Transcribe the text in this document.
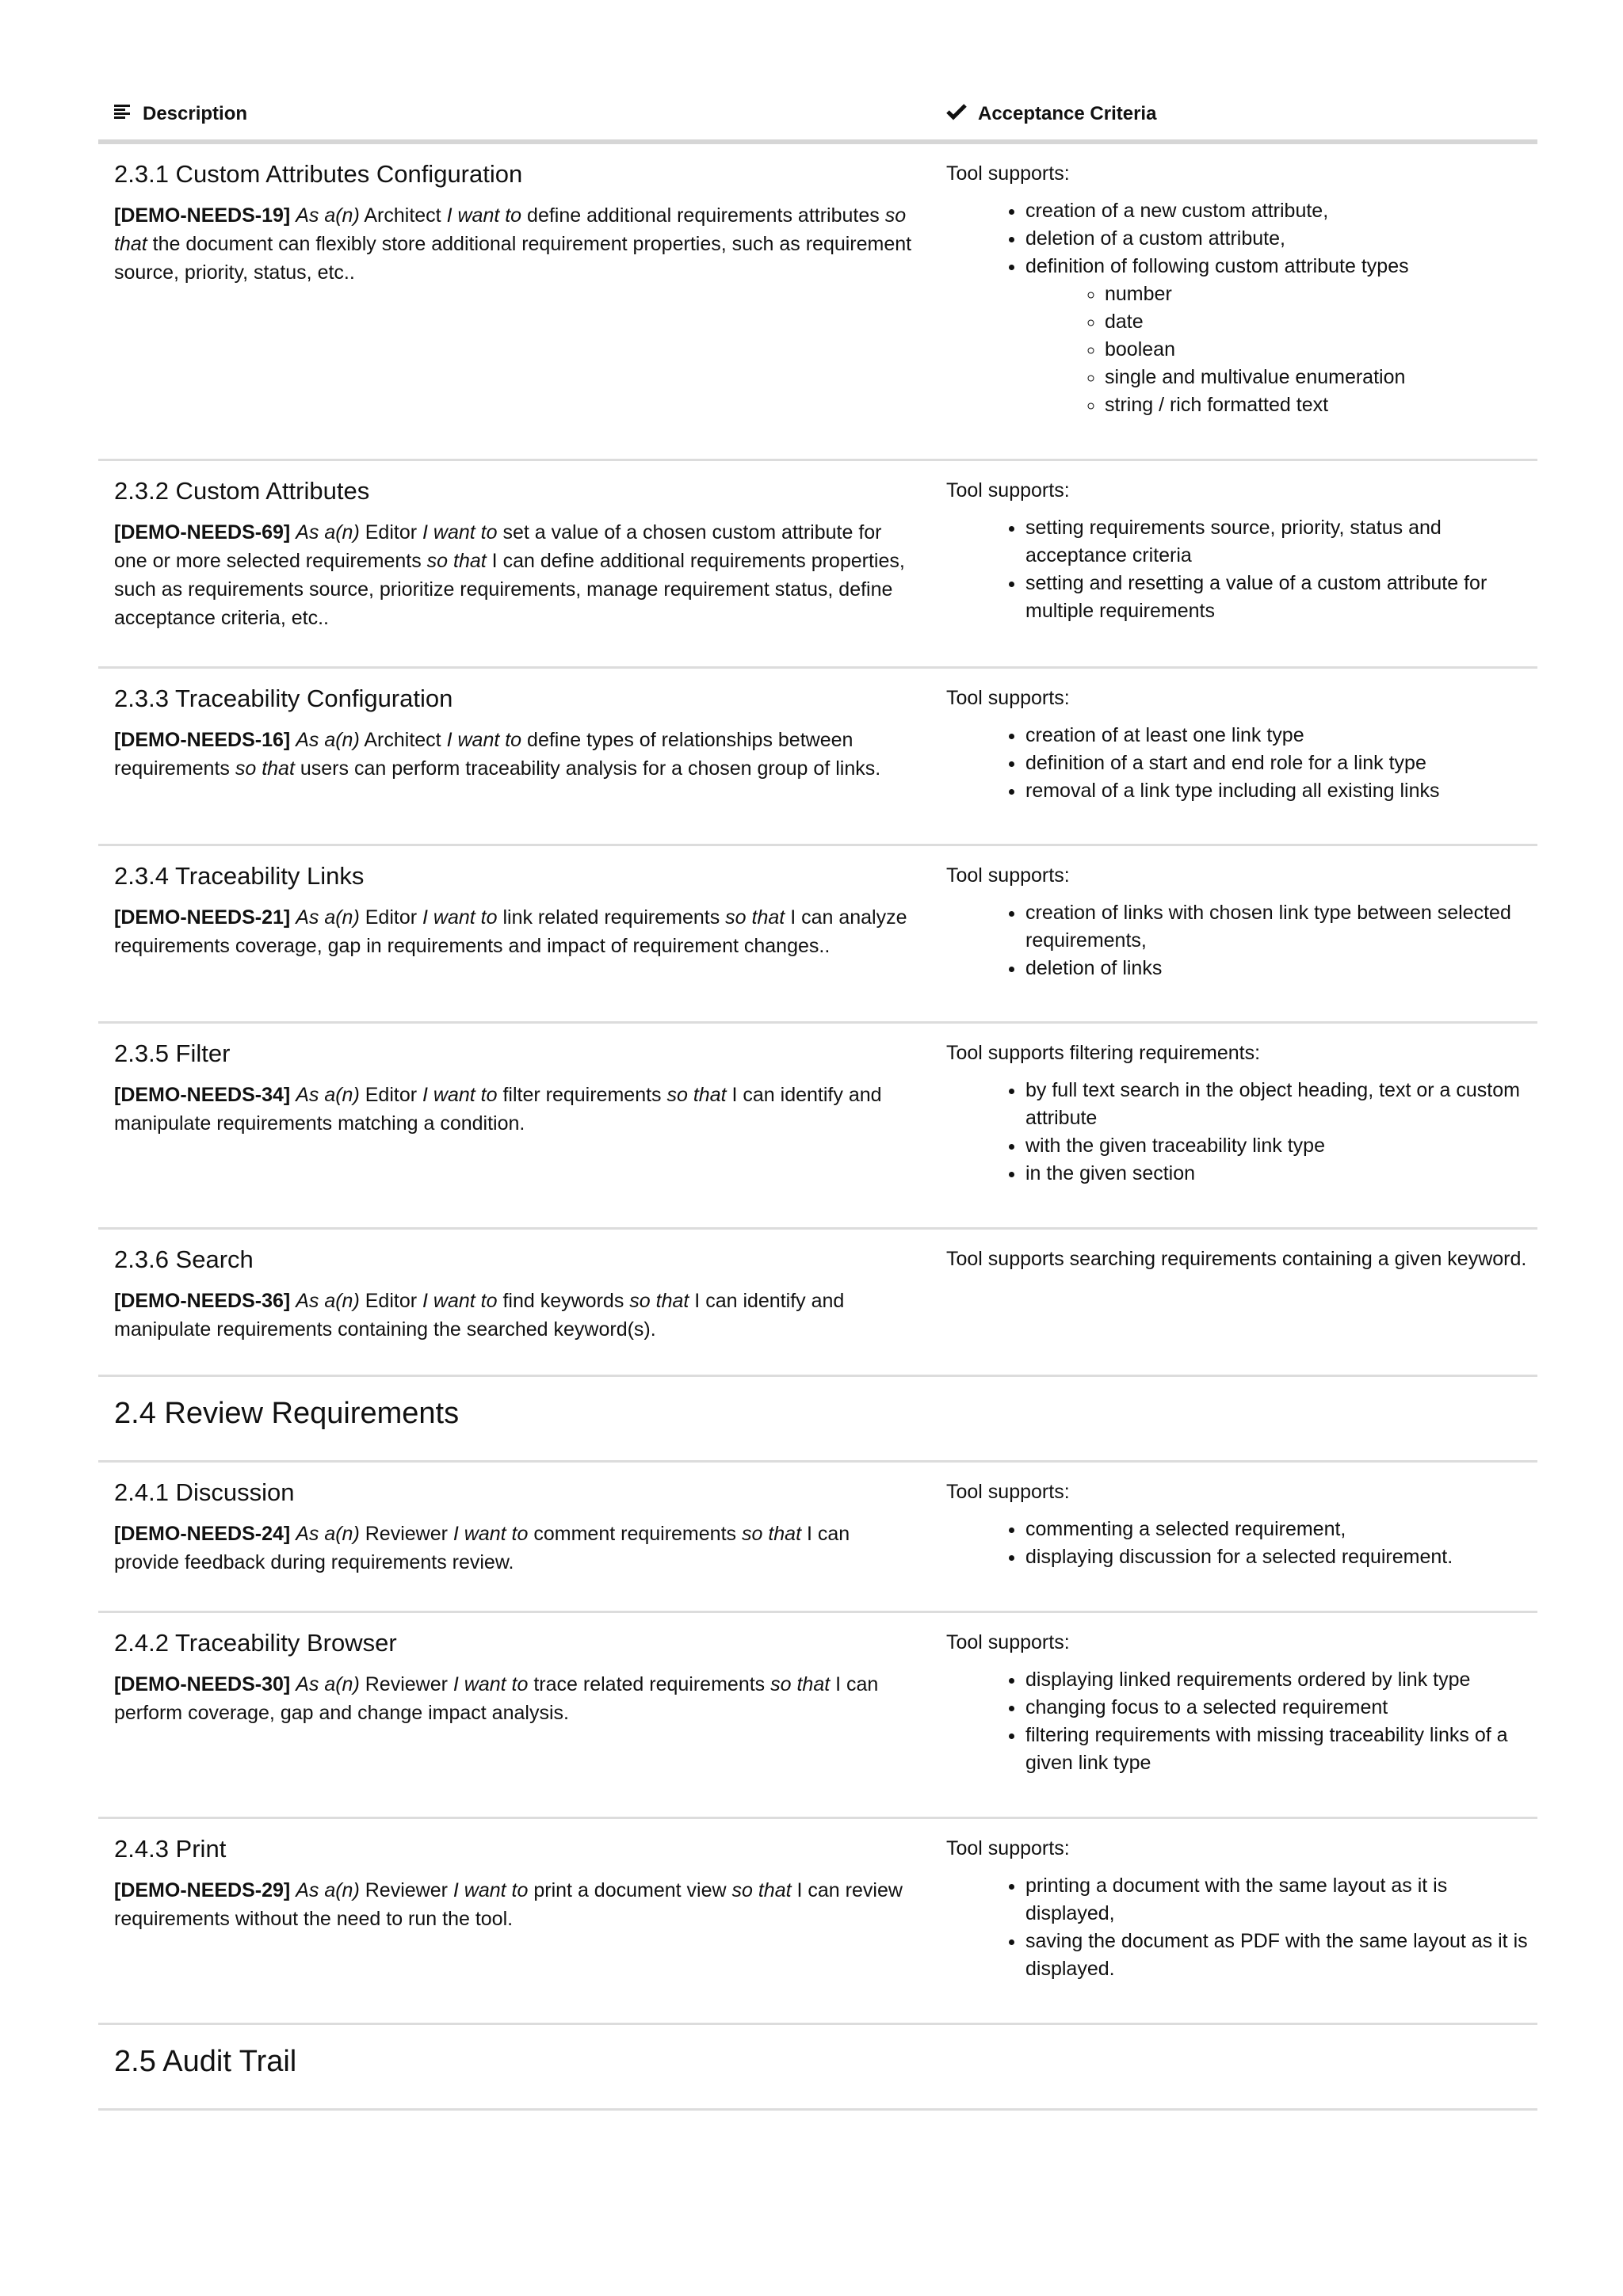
Description	Acceptance Criteria
2.3.1 Custom Attributes Configuration

[DEMO-NEEDS-19] As a(n) Architect I want to define additional requirements attributes so that the document can flexibly store additional requirement properties, such as requirement source, priority, status, etc..

Tool supports:

• creation of a new custom attribute,
• deletion of a custom attribute,
• definition of following custom attribute types
◦ number
◦ date
◦ boolean
◦ single and multivalue enumeration
◦ string / rich formatted text
2.3.2 Custom Attributes

[DEMO-NEEDS-69] As a(n) Editor I want to set a value of a chosen custom attribute for one or more selected requirements so that I can define additional requirements properties, such as requirements source, prioritize requirements, manage requirement status, define acceptance criteria, etc..

Tool supports:

• setting requirements source, priority, status and acceptance criteria
• setting and resetting a value of a custom attribute for multiple requirements
2.3.3 Traceability Configuration

[DEMO-NEEDS-16] As a(n) Architect I want to define types of relationships between requirements so that users can perform traceability analysis for a chosen group of links.

Tool supports:

• creation of at least one link type
• definition of a start and end role for a link type
• removal of a link type including all existing links
2.3.4 Traceability Links

[DEMO-NEEDS-21] As a(n) Editor I want to link related requirements so that I can analyze requirements coverage, gap in requirements and impact of requirement changes..

Tool supports:

• creation of links with chosen link type between selected requirements,
• deletion of links
2.3.5 Filter

[DEMO-NEEDS-34] As a(n) Editor I want to filter requirements so that I can identify and manipulate requirements matching a condition.

Tool supports filtering requirements:

• by full text search in the object heading, text or a custom attribute
• with the given traceability link type
• in the given section
2.3.6 Search

[DEMO-NEEDS-36] As a(n) Editor I want to find keywords so that I can identify and manipulate requirements containing the searched keyword(s).

Tool supports searching requirements containing a given keyword.

2.4 Review Requirements
2.4.1 Discussion

[DEMO-NEEDS-24] As a(n) Reviewer I want to comment requirements so that I can provide feedback during requirements review.

Tool supports:

• commenting a selected requirement,
• displaying discussion for a selected requirement.
2.4.2 Traceability Browser

[DEMO-NEEDS-30] As a(n) Reviewer I want to trace related requirements so that I can perform coverage, gap and change impact analysis.

Tool supports:

• displaying linked requirements ordered by link type
• changing focus to a selected requirement
• filtering requirements with missing traceability links of a given link type
2.4.3 Print

[DEMO-NEEDS-29] As a(n) Reviewer I want to print a document view so that I can review requirements without the need to run the tool.

Tool supports:

• printing a document with the same layout as it is displayed,
• saving the document as PDF with the same layout as it is displayed.
2.5 Audit Trail
